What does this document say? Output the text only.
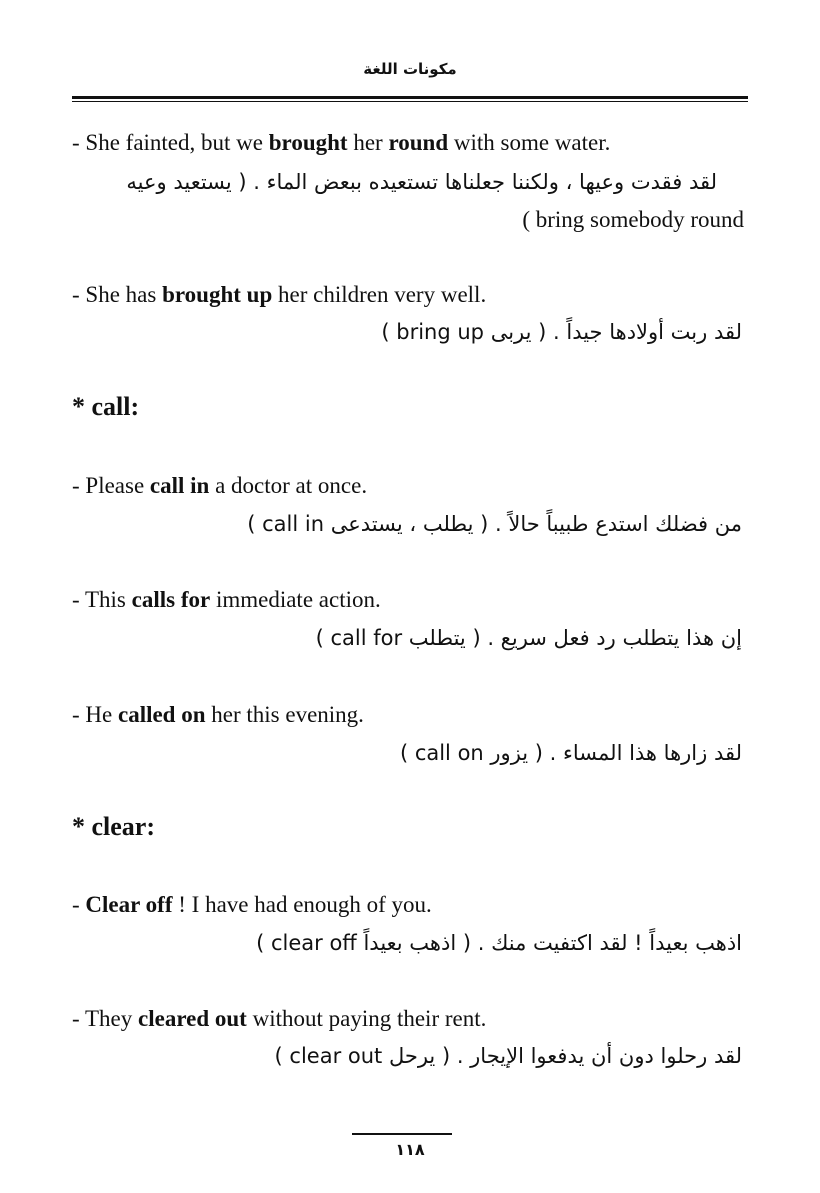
مكونات اللغة
- She fainted, but we brought her round with some water.
لقد فقدت وعيها ، ولكننا جعلناها تستعيده ببعض الماء . ( يستعيد وعيه
( bring somebody round
- She has brought up her children very well.
لقد ربت أولادها جيداً . ( يربى bring up )
* call:
- Please call in a doctor at once.
من فضلك استدع طبيباً حالاً . ( يطلب ، يستدعى call in )
- This calls for immediate action.
إن هذا يتطلب رد فعل سريع . ( يتطلب call for )
- He called on her this evening.
لقد زارها هذا المساء . ( يزور call on )
* clear:
- Clear off ! I have had enough of you.
اذهب بعيداً ! لقد اكتفيت منك . ( اذهب بعيداً clear off )
- They cleared out without paying their rent.
لقد رحلوا دون أن يدفعوا الإيجار . ( يرحل clear out )
١١٨
